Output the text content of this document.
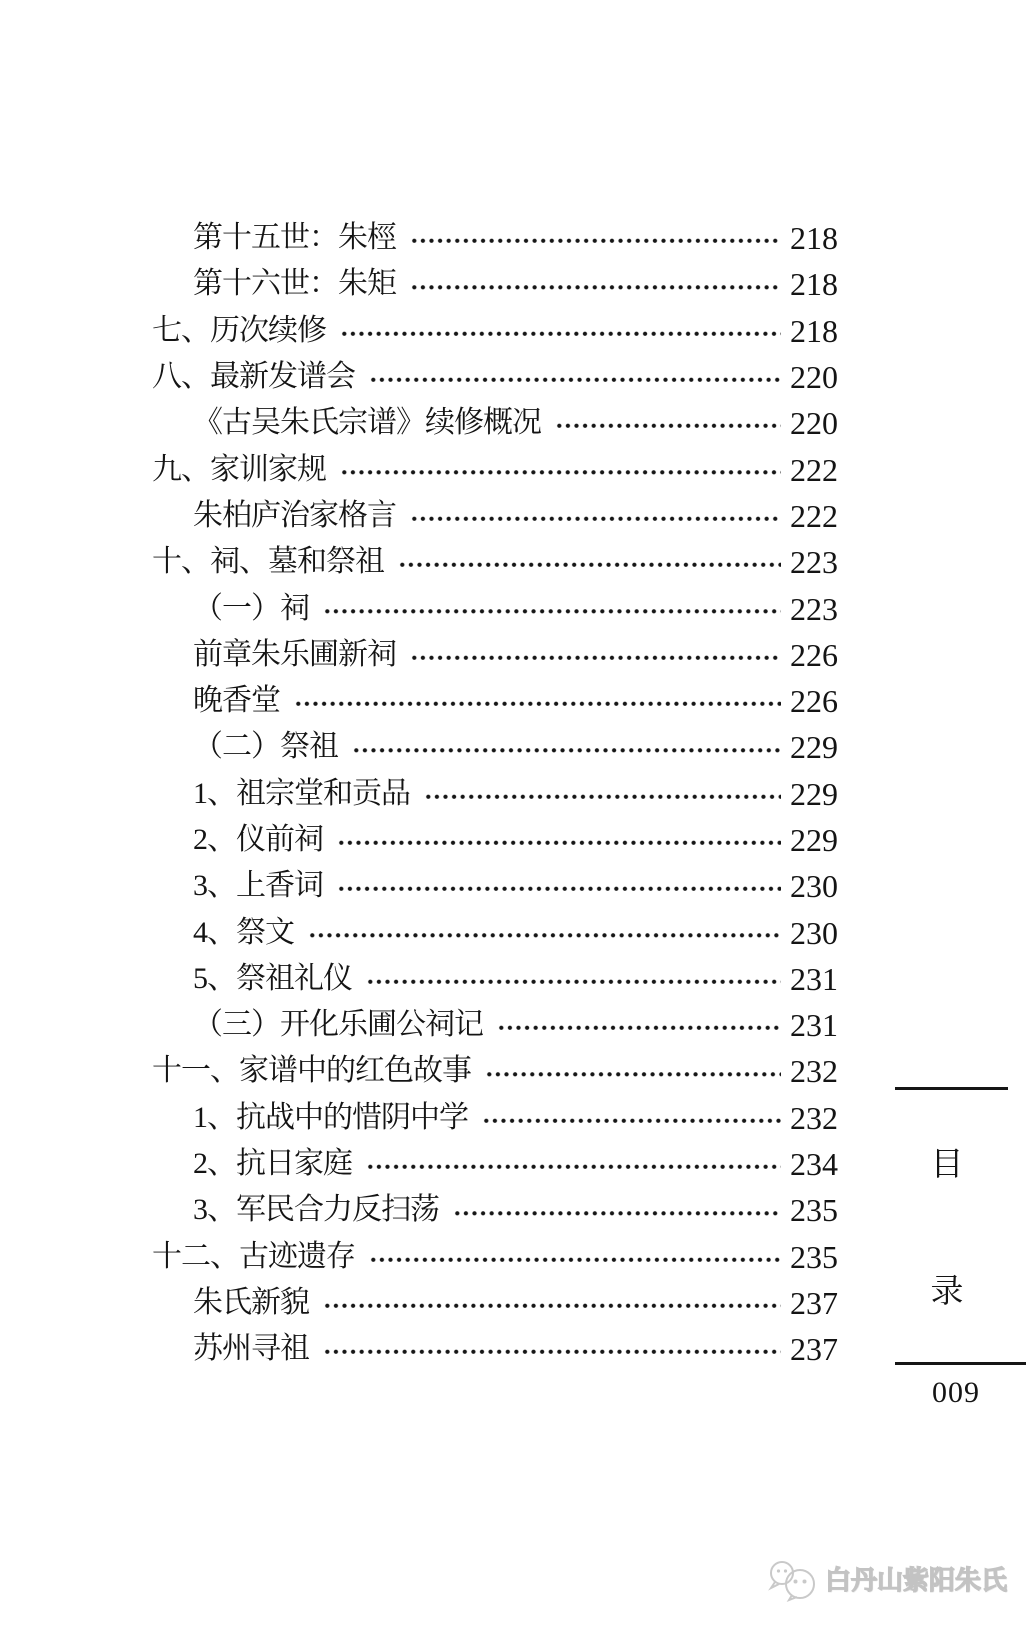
第十五世：朱桱	218
第十六世：朱矩	218
七、历次续修	218
八、最新发谱会	220
《古吴朱氏宗谱》续修概况	220
九、家训家规	222
朱柏庐治家格言	222
十、祠、墓和祭祖	223
（一）祠	223
前章朱乐圃新祠	226
晚香堂	226
（二）祭祖	229
1、祖宗堂和贡品	229
2、仪前祠	229
3、上香词	230
4、祭文	230
5、祭祖礼仪	231
（三）开化乐圃公祠记	231
十一、家谱中的红色故事	232
1、抗战中的惜阴中学	232
2、抗日家庭	234
3、军民合力反扫荡	235
十二、古迹遗存	235
朱氏新貌	237
苏州寻祖	237
目
录
009
白丹山紫阳朱氏
